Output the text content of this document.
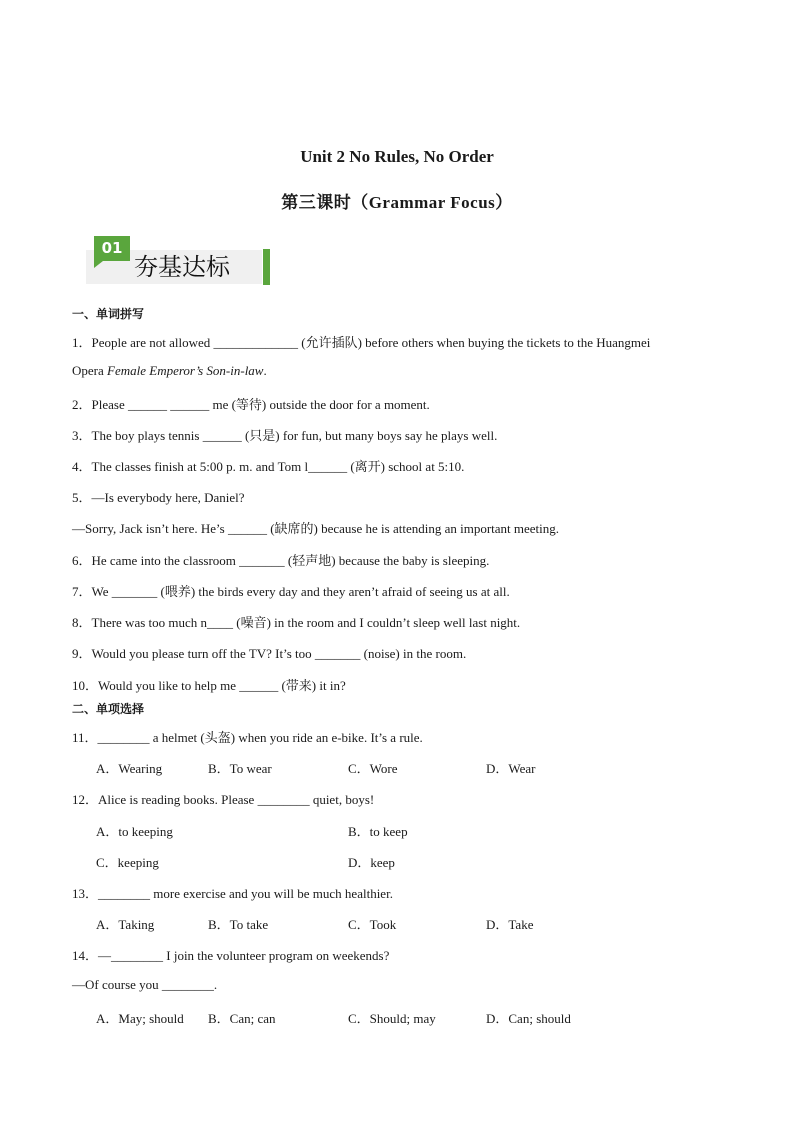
Unit 2 No Rules, No Order
第三课时（Grammar Focus）
01
夯基达标
一、单词拼写
1．People are not allowed _____________ (允许插队) before others when buying the tickets to the Huangmei
Opera Female Emperor’s Son-in-law.
2．Please ______ ______ me (等待) outside the door for a moment.
3．The boy plays tennis ______ (只是) for fun, but many boys say he plays well.
4．The classes finish at 5:00 p. m. and Tom l______ (离开) school at 5:10.
5．—Is everybody here, Daniel?
—Sorry, Jack isn’t here. He’s ______ (缺席的) because he is attending an important meeting.
6．He came into the classroom _______ (轻声地) because the baby is sleeping.
7．We _______ (喂养) the birds every day and they aren’t afraid of seeing us at all.
8．There was too much n____ (噪音) in the room and I couldn’t sleep well last night.
9．Would you please turn off the TV? It’s too _______ (noise) in the room.
10．Would you like to help me ______ (带来) it in?
二、单项选择
11．________ a helmet (头盔) when you ride an e-bike. It’s a rule.
A．Wearing	B．To wear	C．Wore	D．Wear
12．Alice is reading books. Please ________ quiet, boys!
A．to keeping	B．to keep
C．keeping	D．keep
13．________ more exercise and you will be much healthier.
A．Taking	B．To take	C．Took	D．Take
14．—________ I join the volunteer program on weekends?
—Of course you ________.
A．May; should B．Can; can	C．Should; may	D．Can; should
